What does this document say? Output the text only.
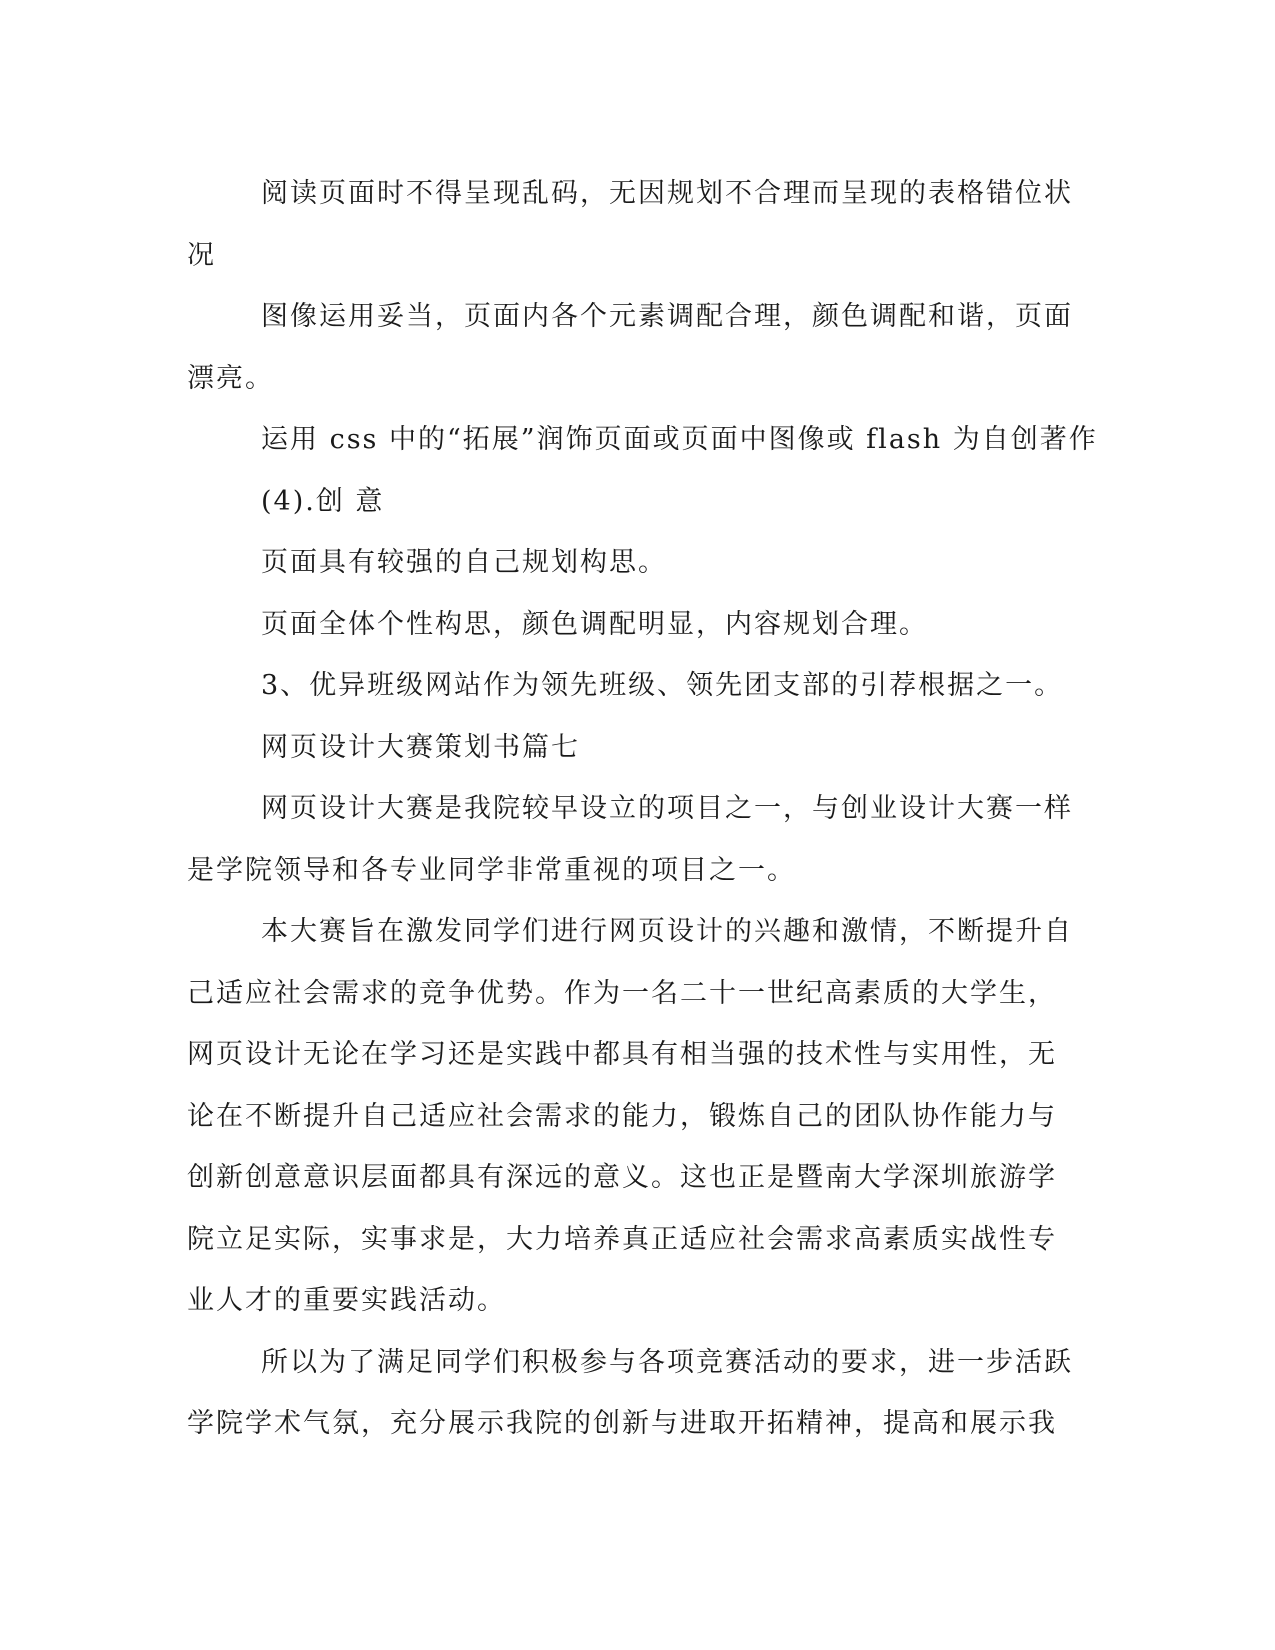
阅读页面时不得呈现乱码，无因规划不合理而呈现的表格错位状

况

图像运用妥当，页面内各个元素调配合理，颜色调配和谐，页面

漂亮。

运用 css 中的“拓展”润饰页面或页面中图像或 flash 为自创著作

(4).创 意

页面具有较强的自己规划构思。

页面全体个性构思，颜色调配明显，内容规划合理。

3、优异班级网站作为领先班级、领先团支部的引荐根据之一。

网页设计大赛策划书篇七

网页设计大赛是我院较早设立的项目之一，与创业设计大赛一样

是学院领导和各专业同学非常重视的项目之一。

本大赛旨在激发同学们进行网页设计的兴趣和激情，不断提升自

己适应社会需求的竞争优势。作为一名二十一世纪高素质的大学生，

网页设计无论在学习还是实践中都具有相当强的技术性与实用性，无

论在不断提升自己适应社会需求的能力，锻炼自己的团队协作能力与

创新创意意识层面都具有深远的意义。这也正是暨南大学深圳旅游学

院立足实际，实事求是，大力培养真正适应社会需求高素质实战性专

业人才的重要实践活动。

所以为了满足同学们积极参与各项竞赛活动的要求，进一步活跃

学院学术气氛，充分展示我院的创新与进取开拓精神，提高和展示我
